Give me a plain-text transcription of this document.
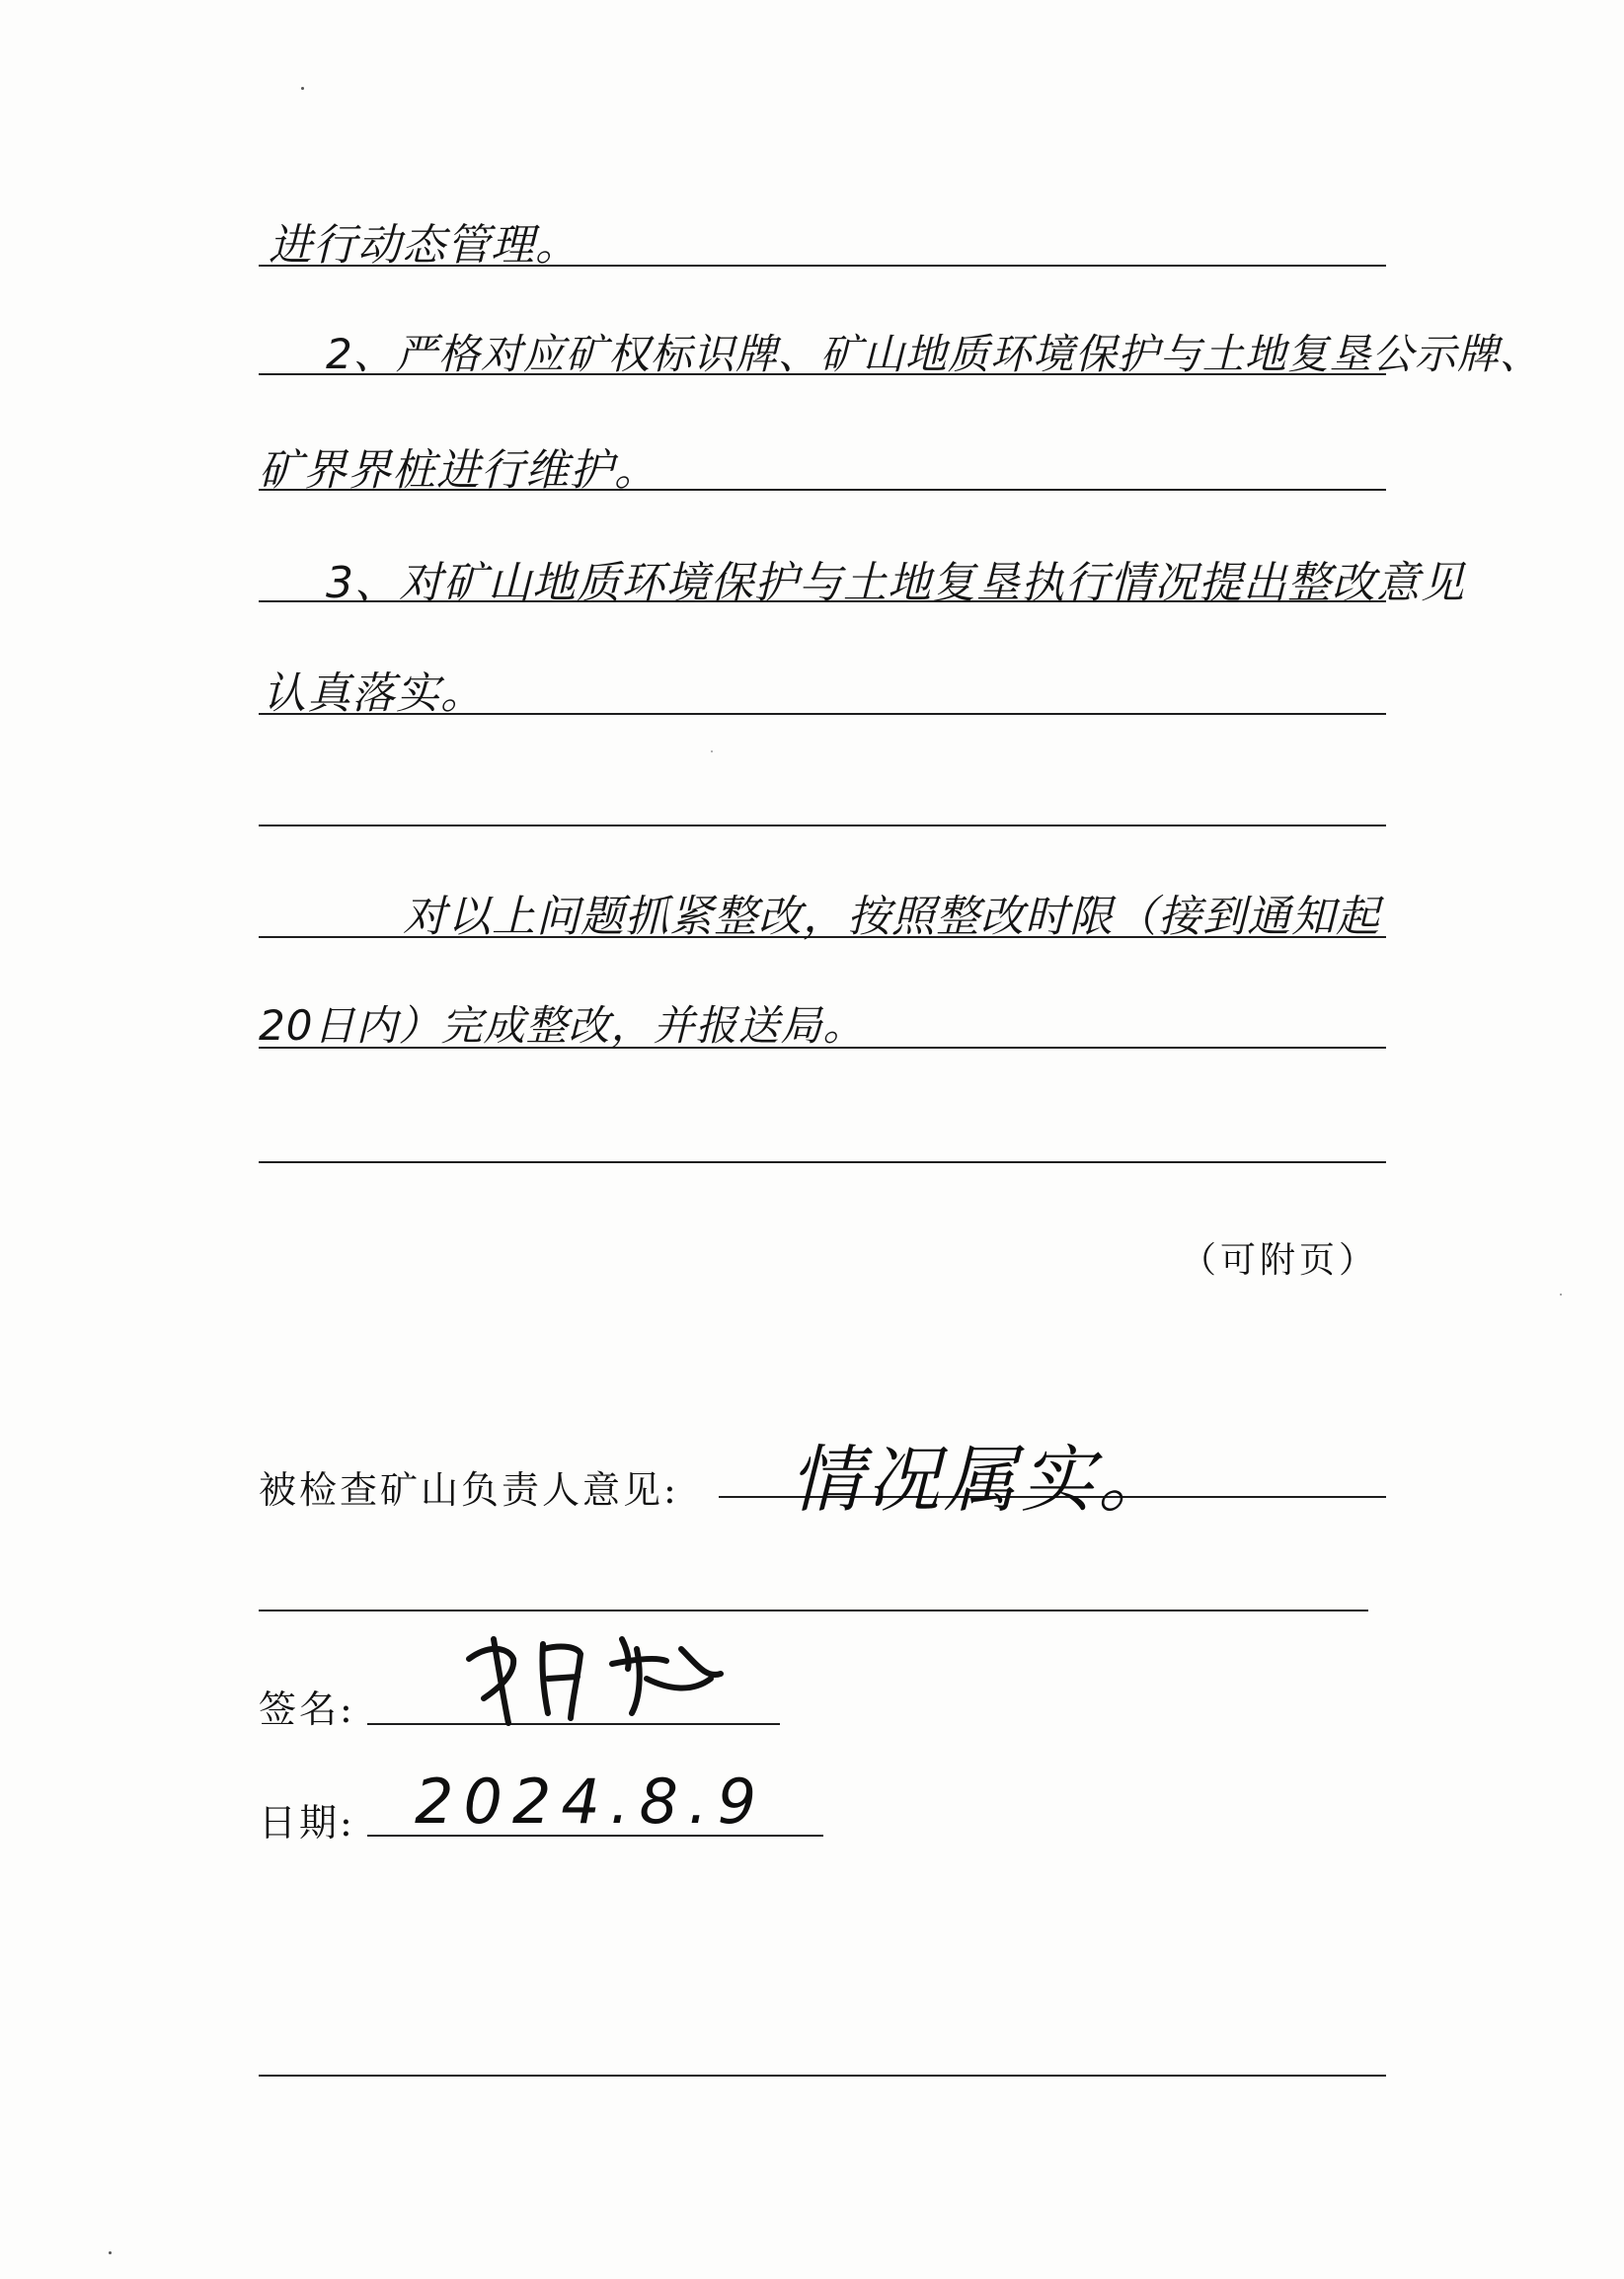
进行动态管理。
2、严格对应矿权标识牌、矿山地质环境保护与土地复垦公示牌、
矿界界桩进行维护。
3、对矿山地质环境保护与土地复垦执行情况提出整改意见
认真落实。
对以上问题抓紧整改，按照整改时限（接到通知起
20日内）完成整改，并报送局。
（可附页）
被检查矿山负责人意见: 情况属实。
签名:
日期: 2024.8.9
